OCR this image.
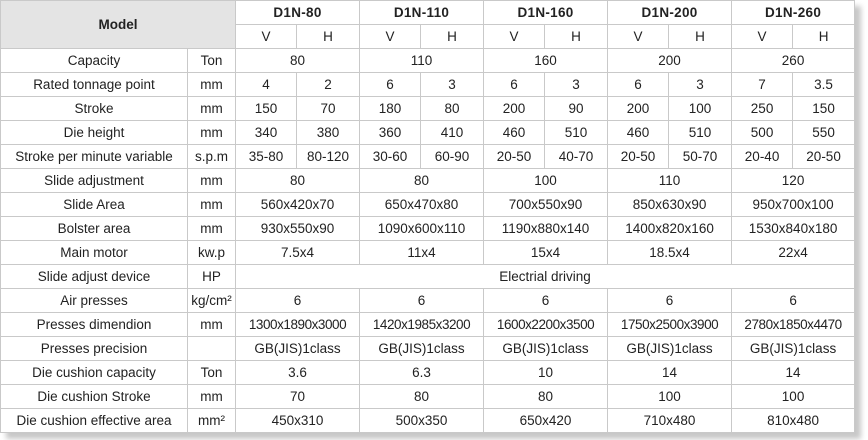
Model		D1N-80		D1N-110		D1N-160		D1N-200		D1N-260	
		V	H	V	H	V	H	V	H	V	H
Capacity	Ton	80		110		160		200		260	
Rated tonnage point	mm	4	2	6	3	6	3	6	3	7	3.5
Stroke	mm	150	70	180	80	200	90	200	100	250	150
Die height	mm	340	380	360	410	460	510	460	510	500	550
Stroke per minute variable	s.p.m	35-80	80-120	30-60	60-90	20-50	40-70	20-50	50-70	20-40	20-50
Slide adjustment	mm	80		80		100		110		120	
Slide Area	mm	560x420x70		650x470x80		700x550x90		850x630x90		950x700x100	
Bolster area	mm	930x550x90		1090x600x110		1190x880x140		1400x820x160		1530x840x180	
Main motor	kw.p	7.5x4		11x4		15x4		18.5x4		22x4	
Slide adjust device	HP	Electrial driving									
Air presses	kg/cm²	6		6		6		6		6	
Presses dimendion	mm	1300x1890x3000		1420x1985x3200		1600x2200x3500		1750x2500x3900		2780x1850x4470	
Presses precision		GB(JIS)1class		GB(JIS)1class		GB(JIS)1class		GB(JIS)1class		GB(JIS)1class	
Die cushion capacity	Ton	3.6		6.3		10		14		14	
Die cushion Stroke	mm	70		80		80		100		100	
Die cushion effective area	mm²	450x310		500x350		650x420		710x480		810x480	
